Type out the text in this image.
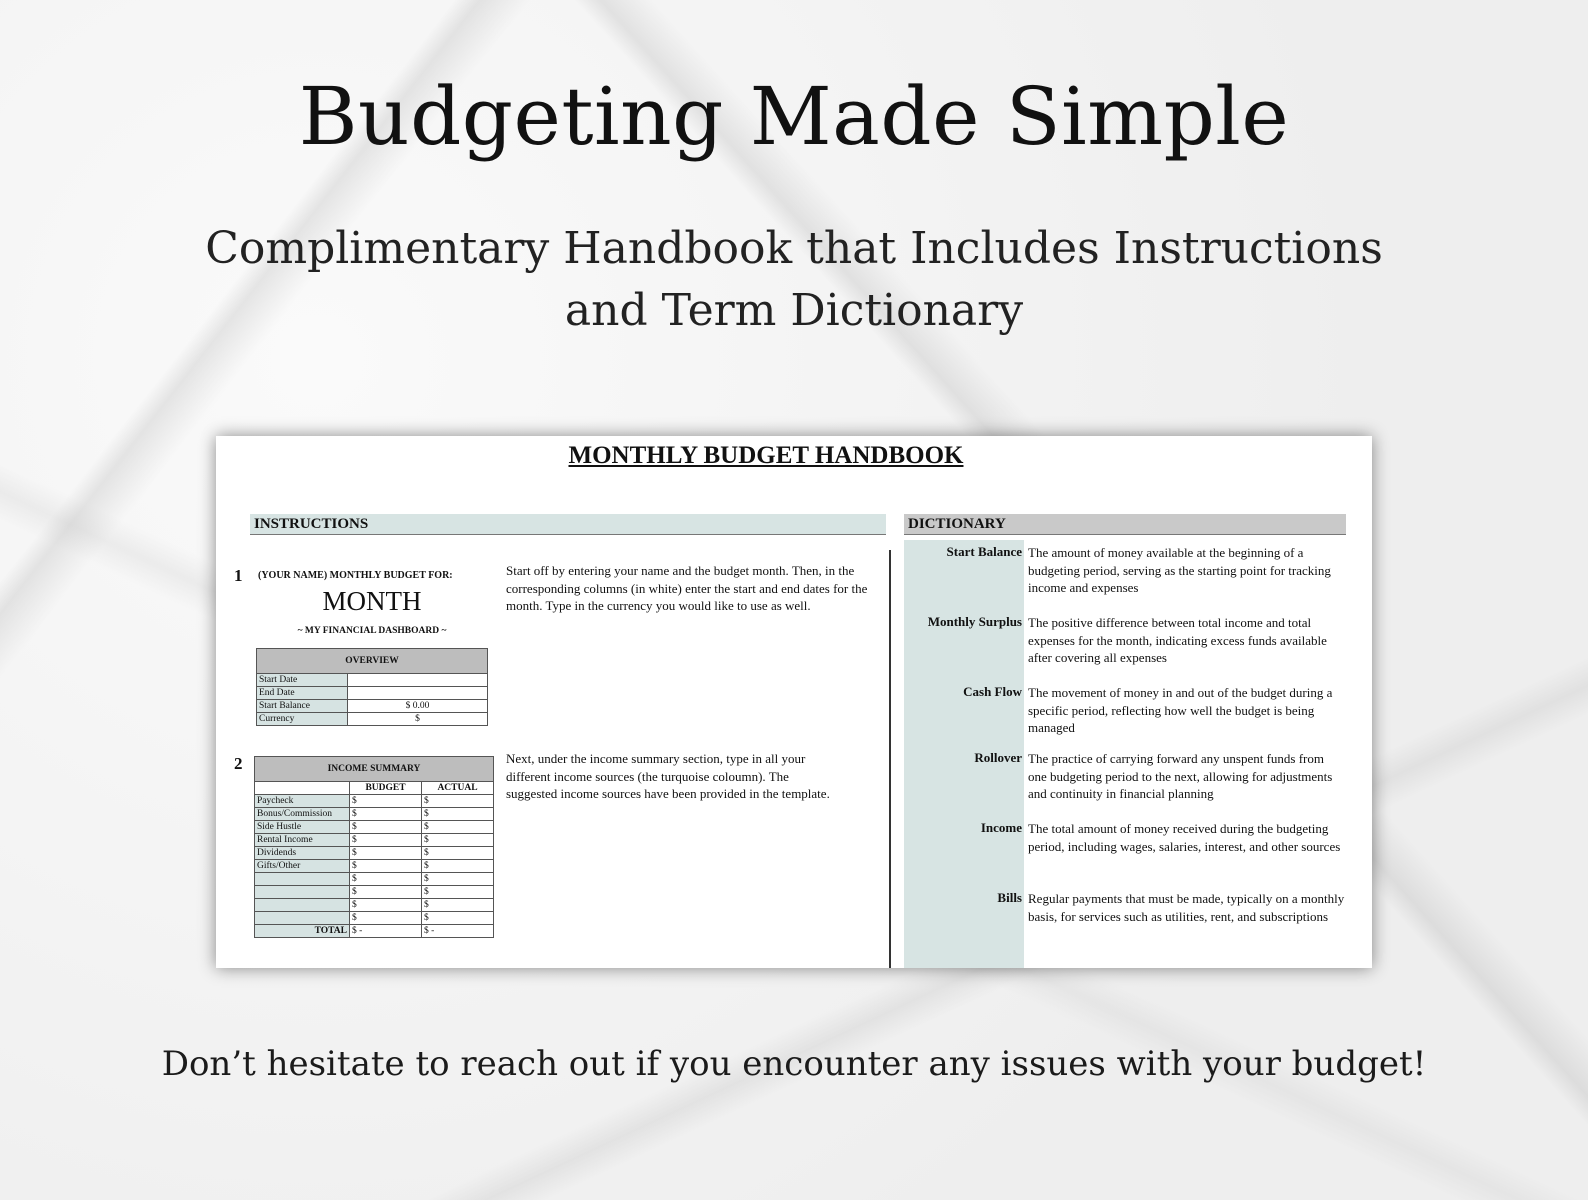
Budgeting Made Simple
Complimentary Handbook that Includes Instructions
and Term Dictionary
MONTHLY BUDGET HANDBOOK
INSTRUCTIONS	DICTIONARY
1 (YOUR NAME) MONTHLY BUDGET FOR:
MONTH
~ MY FINANCIAL DASHBOARD ~
OVERVIEW	
Start Date	
End Date	
Start Balance	$ 0.00
Currency	$
Start off by entering your name and the budget month. Then, in the corresponding columns (in white) enter the start and end dates for the month. Type in the currency you would like to use as well.
2	INCOME SUMMARY		
	BUDGET	ACTUAL
Paycheck	$	$
Bonus/Commission	$	$
Side Hustle	$	$
Rental Income	$	$
Dividends	$	$
Gifts/Other	$	$
	$	$
	$	$
	$	$
	$	$
TOTAL	$ -	$ -
Next, under the income summary section, type in all your different income sources (the turquoise coloumn). The suggested income sources have been provided in the template.
Start Balance The amount of money available at the beginning of a budgeting period, serving as the starting point for tracking income and expenses
Monthly Surplus The positive difference between total income and total expenses for the month, indicating excess funds available after covering all expenses
Cash Flow The movement of money in and out of the budget during a specific period, reflecting how well the budget is being managed
Rollover The practice of carrying forward any unspent funds from one budgeting period to the next, allowing for adjustments and continuity in financial planning
Income The total amount of money received during the budgeting period, including wages, salaries, interest, and other sources
Bills Regular payments that must be made, typically on a monthly basis, for services such as utilities, rent, and subscriptions
Don’t hesitate to reach out if you encounter any issues with your budget!
